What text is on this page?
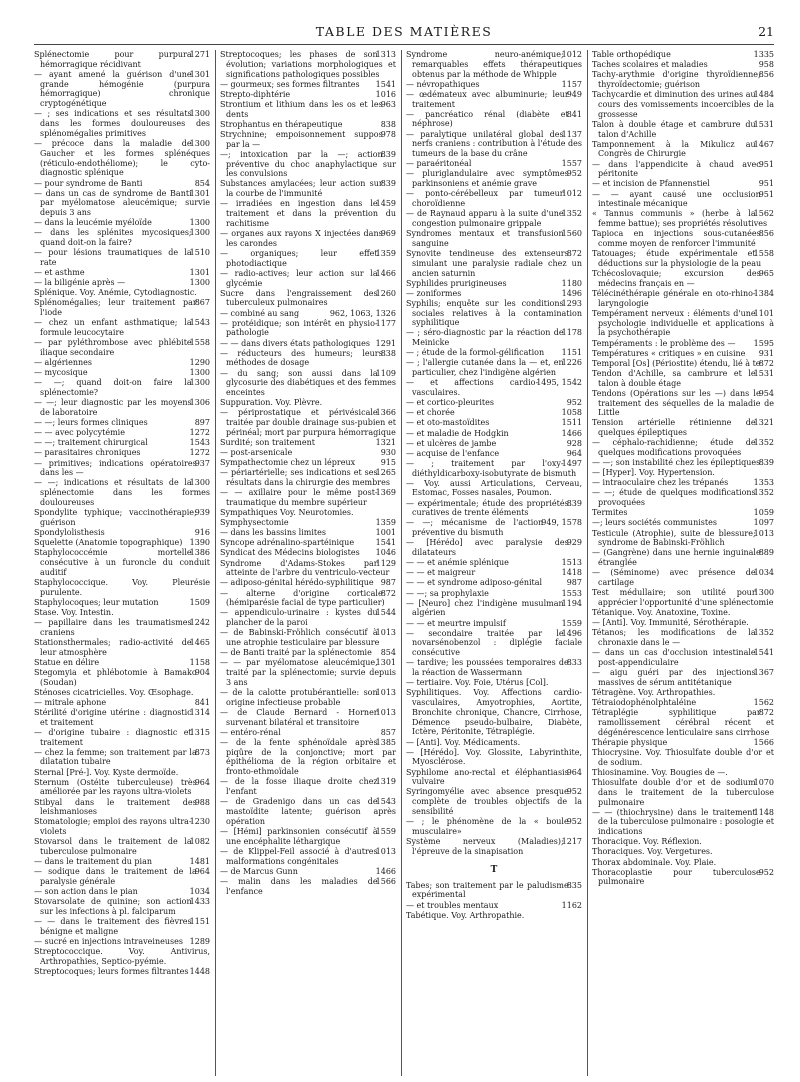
TABLE DES MATIÈRES	21
1271
Splénectomie pour purpura hémorragique récidivant
1301
— ayant amené la guérison d'une grande hémogénie (purpura hémorragique) chronique cryptogénétique
1300
— ; ses indications et ses résultats dans les formes douloureuses des splénomégalies primitives
1300
— précoce dans la maladie de Gaucher et les formes splénéques (réticulo-endothéliome); le cyto-diagnostic splénique
854
— pour syndrome de Banti
1301
— dans un cas de syndrome de Banti par myélomatose aleucémique; survie depuis 3 ans
1300
— dans la leucémie myéloïde
1300
— dans les splénites mycosiques; quand doit-on la faire?
1510
— pour lésions traumatiques de la rate
1301
— et asthme
1300
— la biligénie après —
Splénique. Voy. Anémie, Cytodiagnostic.
867
Splénomégalies; leur traitement par l'iode
1543
— chez un enfant asthmatique; la formule leucocytaire
1558
— par pyléthrombose avec phlébite iliaque secondaire
1290
— algériennes
1300
— mycosique
1300
— —; quand doit-on faire la splénectomie?
1306
— —; leur diagnostic par les moyens de laboratoire
897
— —; leurs formes cliniques
1272
— — avec polycytémie
1543
— —; traitement chirurgical
1272
— parasitaires chroniques
937
— primitives; indications opératoires dans les —
1300
— —; indications et résultats de la splénectomie dans les formes douloureuses
939
Spondylite typhique; vaccinothérapie; guérison
916
Spondylolisthesis
1390
Squelette (Anatomie topographique)
1386
Staphylococcémie mortelle consécutive à un furoncle du conduit auditif
Staphylococcique. Voy. Pleurésie purulente.
1509
Staphylocoques; leur mutation
Stase. Voy. Intestin.
1242
— papillaire dans les traumatismes craniens
1465
Stationsthermales; radio-activité de leur atmosphère
1158
Statue en délire
904
Stegomyia et phlébotomie à Bamako (Soudan)
Sténoses cicatricielles. Voy. Œsophage.
841
— mitrale aphone
1314
Stérilité d'origine utérine : diagnostic et traitement
1315
— d'origine tubaire : diagnostic et traitement
873
— chez la femme; son traitement par la dilatation tubaire
Sternal [Pré-]. Voy. Kyste dermoïde.
964
Sternum (Ostéite tuberculeuse) très améliorée par les rayons ultra-violets
988
Stibyal dans le traitement des leishmanioses
1230
Stomatologie; emploi des rayons ultra-violets
1082
Stovarsol dans le traitement de la tuberculose pulmonaire
1481
— dans le traitement du pian
964
— sodique dans le traitement de la paralysie générale
1034
— son action dans le pian
1433
Stovarsolate de quinine; son action sur les infections à pl. falciparum
1151
— — dans le traitement des fièvres bénigne et maligne
1289
— sucré en injections intraveineuses
Streptococcique. Voy. Antivirus, Arthropathies, Septico-pyémie.
1448
Streptocoques; leurs formes filtrantes
1313
Streptocoques; les phases de son évolution; variations morphologiques et significations pathologiques possibles
1541
— gourmeux; ses formes filtrantes
1016
Strepto-diphtérie
963
Strontium et lithium dans les os et les dents
838
Strophantus en thérapeutique
978
Strychnine; empoisonnement suppos par la —
839
—; intoxication par la —; action préventive du choc anaphylactique sur les convulsions
839
Substances amylacées; leur action sur la courbe de l'immunité
1459
— irradiées en ingestion dans le traitement et dans la prévention du rachitisme
969
— organes aux rayons X injectées dans les carondes
1359
— organiques; leur effet photodiactique
1466
— radio-actives; leur action sur la glycémie
1260
Sucre dans l'engraissement des tuberculeux pulmonaires
962, 1063, 1326
— combiné au sang
1177
— protéidique; son intérêt en physio-pathologie
1291
— — dans divers états pathologiques
838
— réducteurs des humeurs; leurs méthodes de dosage
1109
— du sang; son aussi dans la glycosurie des diabétiques et des femmes enceintes
Suppuration. Voy. Plèvre.
1366
— périprostatique et périvésicale traitée par double drainage sus-pubien et périnéal; mort par purpura hémorragique
1321
Surdité; son traitement
930
— post-arsenicale
915
Sympathectomie chez un lépreux
1265
— périartérielle; ses indications et ses résultats dans la chirurgie des membres
1369
— — axillaire pour le même post-traumatique du membre supérieur
Sympathiques Voy. Neurotomies.
1359
Symphysectomie
1001
— dans les bassins limites
1541
Syncope adrénalino-spartéinique
1046
Syndicat des Médecins biologistes
1129
Syndrome d'Adams-Stokes par atteinte de l'arbre du ventriculo-vecteur
987
— adiposo-génital hérédo-syphilitique
872
— alterne d'origine corticale (hémiparésie facial de type particulier)
1544
— appendiculo-urinaire : kystes du plancher de la paroi
1013
— de Babinski-Fröhlich consécutif à une atrophie testiculaire par blessure
854
— de Banti traité par la splénectomie
1301
— — par myélomatose aleucémique, traité par la splénectomie; survie depuis 3 ans
1013
— de la calotte protubérantielle: son origine infectieuse probable
1013
— de Claude Bernard - Horner survenant bilatéral et transitoire
857
— entéro-rénal
1385
— de la fente sphénoïdale après piqûre de la conjonctive; mort par épithélioma de la région orbitaire et fronto-ethmoïdale
1319
— de la fosse iliaque droite chez l'enfant
1543
— de Gradenigo dans un cas de mastoïdite latente; guérison après opération
1559
— [Hémi] parkinsonien consécutif à une encéphalite léthargique
1013
— de Klippel-Feil associé à d'autres malformations congénitales
1466
— de Marcus Gunn
1566
— malin dans les maladies de l'enfance
1012
Syndrome neuro-anémique; remarquables effets thérapeutiques obtenus par la méthode de Whipple
1157
— névropathiques
949
— œdémateux avec albuminurie; leur traitement
841
— pancréatico rénal (diabète et néphrose)
1137
— paralytique unilatéral global des nerfs craniens : contribution à l'étude des tumeurs de la base du crâne
1557
— paraéritonéal
952
— pluriglandulaire avec symptômes parkinsoniens et anémie grave
1012
— ponto-cérébelleux par tumeur choroïdienne
1352
— de Raynaud apparu à la suite d'une congestion pulmonaire grippale
1560
Syndromes mentaux et transfusion sanguine
872
Synovite tendineuse des extenseurs simulant une paralysie radiale chez un ancien saturnin
1180
Syphilides prurigineuses
1496
— zoniformes
1293
Syphilis; enquête sur les conditions sociales relatives à la contamination syphilitique
1178
— ; séro-diagnostic par la réaction de Meinicke
1151
— ; étude de la formol-gélification
1226
— ; l'allergie cutanée dans la — et, en particulier, chez l'indigène algérien
1495, 1542
— et affections cardio-vasculaires.
952
— et cortico-pleurites
1058
— et chorée
1511
— et oto-mastoïdites
1466
— et maladie de Hodgkin
928
— et ulcères de jambe
964
— acquise de l'enfance
1497
— ; traitement par l'oxy-diéthyldicarboxy-isobutyrate de bismuth
— Voy. aussi Articulations, Cerveau, Estomac, Fosses nasales, Poumon.
839
— expérimentale; étude des propriétés curatives de trente éléments
949, 1578
— —; mécanisme de l'action préventive du bismuth
929
— [Hérédo] avec paralysie des dilatateurs
1513
— — et anémie splénique
1418
— — et maigreur
987
— — et syndrome adiposo-génital
1553
— —; sa prophylaxie
1194
— [Neuro] chez l'indigène musulman algérien
1559
— — et meurtre impulsif
1496
— secondaire traitée par le novarsénobenzol : diplégie faciale consécutive
833
— tardive; les poussées temporaires de la réaction de Wassermann
— tertiaire. Voy. Foie, Utérus [Col].
Syphilitiques. Voy. Affections cardio-vasculaires, Amyotrophies, Aortite, Bronchite chronique, Chancre, Cirrhose, Démence pseudo-bulbaire, Diabète, Ictère, Péritonite, Tétraplégie.
— [Anti]. Voy. Médicaments.
— [Hérédo]. Voy. Glossite, Labyrinthite, Myosclérose.
964
Syphilome ano-rectal et éléphantiasis vulvaire
952
Syringomyélie avec absence presque complète de troubles objectifs de la sensibilité
952
— ; le phénomène de la « boule musculaire»
1217
Système nerveux (Maladies); l'épreuve de la sinapisation
T
835
Tabes; son traitement par le paludisme expérimental
1162
— et troubles mentaux
Tabétique. Voy. Arthropathie.
1335
Table orthopédique
958
Taches scolaires et maladies
856
Tachy-arythmie d'origine thyroïdienne; thyroïdectomie; guérison
1484
Tachycardie et diminution des urines au cours des vomissements incoercibles de la grossesse
1531
Talon à double étage et cambrure du talon d'Achille
1467
Tamponnement à la Mikulicz au Congrès de Chirurgie
951
— dans l'appendicite à chaud avec péritonite
951
— et incision de Pfannenstiel
951
— — ayant causé une occlusion intestinale mécanique
1562
« Tannus communis » (herbe à la femme battue); ses propriétés résolutives
856
Tapioca en injections sous-cutanées comme moyen de renforcer l'immunité
1558
Tatouages; étude expérimentale et déductions sur la physiologie de la peau
965
Tchécoslovaquie; excursion des médecins français en —
1384
Télécinéthérapie générale en oto-rhino-laryngologie
1101
Tempérament nerveux : éléments d'une psychologie individuelle et applications à la psychothérapie
1595
Tempéraments : le problème des —
931
Températures « critiques » en cuisine
872
Temporal [Os] (Périostite) étendu, lié à te
1531
Tendon d'Achille, sa cambrure et le talon à double étage
954
Tendons (Opérations sur les —) dans le traitement des séquelles de la maladie de Little
1321
Tension artérielle rétinienne de quelques épileptiques
1352
— céphalo-rachidienne; étude de quelques modifications provoquées
839
— —; son instabilité chez les épileptiques
— [Hyper]. Voy. Hypertension.
1353
— intraoculaire chez les trépanés
1352
— —; étude de quelques modifications provoquées
1059
Termites
1097
—; leurs sociétés communistes
1013
Testicule (Atrophie), suite de blessure; syndrome de Babinski-Fröhlich
889
— (Gangrène) dans une hernie inguinale étranglée
1034
— (Séminome) avec présence de cartilage
1300
Test médullaire; son utilité pour apprécier l'opportunité d'une splénectomie
Tétanique. Voy. Anatoxine, Toxine.
— [Anti]. Voy. Immunité, Sérothérapie.
1352
Tétanos; les modifications de la chronaxie dans le —
1541
— dans un cas d'occlusion intestinale post-appendiculaire
1367
— aigu guéri par des injections massives de sérum antitétanique
Tétragène. Voy. Arthropathies.
1562
Tétraiodophénolphtaléine
872
Tétraplégie syphilitique par ramollissement cérébral récent et dégénérescence lenticulaire sans cirrhose
1566
Thérapie physique
Thiocrysine. Voy. Thiosulfate double d'or et de sodium.
Thiosinamine. Voy. Bougies de —.
1070
Thiosulfate double d'or et de sodium dans le traitement de la tuberculose pulmonaire
1148
— — (thiochrysine) dans le traitement de la tuberculose pulmonaire : posologie et indications
Thoracique. Voy. Réflexion.
Thoraciques. Voy. Vergetures.
Thorax abdominale. Voy. Plaie.
952
Thoracoplastie pour tuberculose pulmonaire
